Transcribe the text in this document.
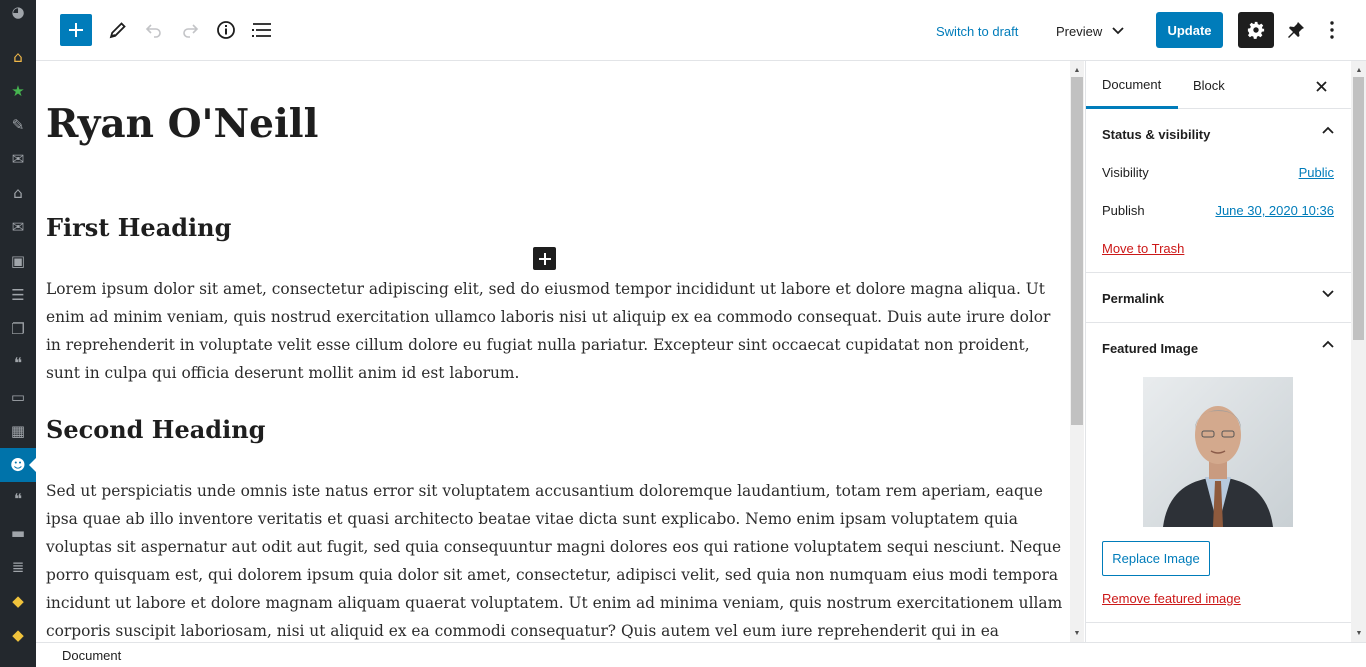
◕
⌂
★
✎
✉
⌂
✉
▣
☰
❐
❝
▭
▦
☻
❝
▬
≣
◆
◆
Switch to draft	Preview	Update
Ryan O'Neill
First Heading
Lorem ipsum dolor sit amet, consectetur adipiscing elit, sed do eiusmod tempor incididunt ut labore et dolore magna aliqua. Ut enim ad minim veniam, quis nostrud exercitation ullamco laboris nisi ut aliquip ex ea commodo consequat. Duis aute irure dolor in reprehenderit in voluptate velit esse cillum dolore eu fugiat nulla pariatur. Excepteur sint occaecat cupidatat non proident, sunt in culpa qui officia deserunt mollit anim id est laborum.
Second Heading
Sed ut perspiciatis unde omnis iste natus error sit voluptatem accusantium doloremque laudantium, totam rem aperiam, eaque ipsa quae ab illo inventore veritatis et quasi architecto beatae vitae dicta sunt explicabo. Nemo enim ipsam voluptatem quia voluptas sit aspernatur aut odit aut fugit, sed quia consequuntur magni dolores eos qui ratione voluptatem sequi nesciunt. Neque porro quisquam est, qui dolorem ipsum quia dolor sit amet, consectetur, adipisci velit, sed quia non numquam eius modi tempora incidunt ut labore et dolore magnam aliquam quaerat voluptatem. Ut enim ad minima veniam, quis nostrum exercitationem ullam corporis suscipit laboriosam, nisi ut aliquid ex ea commodi consequatur? Quis autem vel eum iure reprehenderit qui in ea
▲
▼
Document	Block
Status & visibility
Visibility	Public
Publish	June 30, 2020 10:36
Move to Trash
Permalink
Featured Image
Replace Image
Remove featured image
▲
▼
Document
